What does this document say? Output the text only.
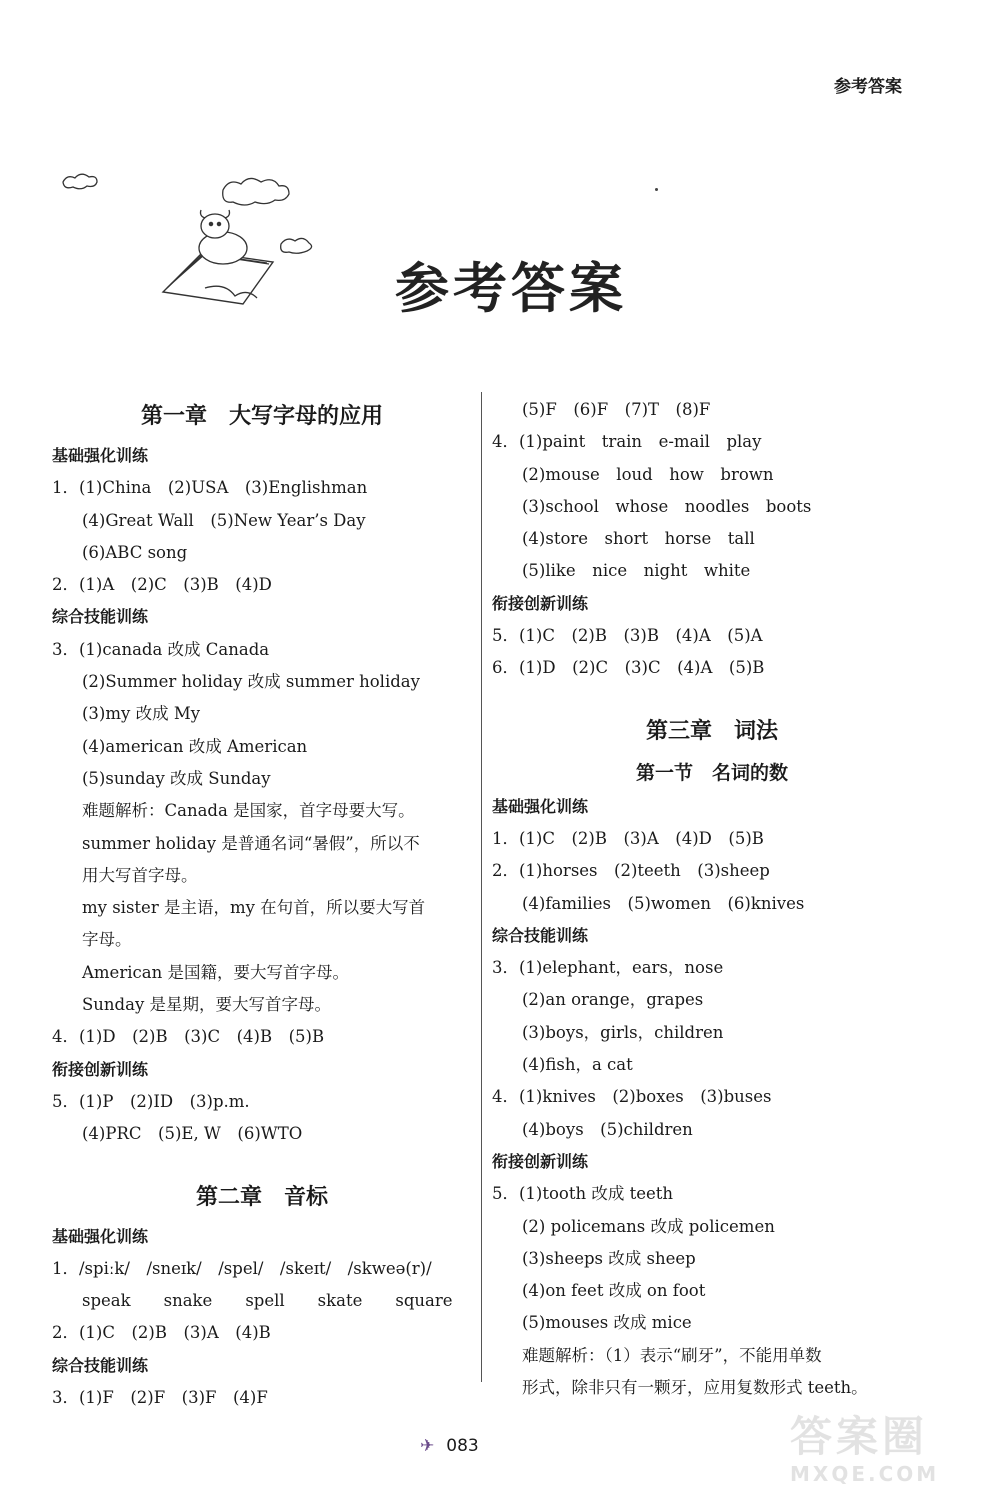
参考答案
参考答案
第一章　大写字母的应用
基础强化训练
1．(1)China　(2)USA　(3)Englishman
(4)Great Wall　(5)New Year’s Day
(6)ABC song
2．(1)A　(2)C　(3)B　(4)D
综合技能训练
3．(1)canada 改成 Canada
(2)Summer holiday 改成 summer holiday
(3)my 改成 My
(4)american 改成 American
(5)sunday 改成 Sunday
难题解析：Canada 是国家，首字母要大写。
summer holiday 是普通名词“暑假”，所以不
用大写首字母。
my sister 是主语，my 在句首，所以要大写首
字母。
American 是国籍，要大写首字母。
Sunday 是星期，要大写首字母。
4．(1)D　(2)B　(3)C　(4)B　(5)B
衔接创新训练
5．(1)P　(2)ID　(3)p.m.
(4)PRC　(5)E, W　(6)WTO
第二章　音标
基础强化训练
1．/spiːk/　/sneɪk/　/spel/　/skeɪt/　/skweə(r)/
speak　　snake　　spell　　skate　　square
2．(1)C　(2)B　(3)A　(4)B
综合技能训练
3．(1)F　(2)F　(3)F　(4)F
(5)F　(6)F　(7)T　(8)F
4．(1)paint　train　e-mail　play
(2)mouse　loud　how　brown
(3)school　whose　noodles　boots
(4)store　short　horse　tall
(5)like　nice　night　white
衔接创新训练
5．(1)C　(2)B　(3)B　(4)A　(5)A
6．(1)D　(2)C　(3)C　(4)A　(5)B
第三章　词法
第一节　名词的数
基础强化训练
1．(1)C　(2)B　(3)A　(4)D　(5)B
2．(1)horses　(2)teeth　(3)sheep
(4)families　(5)women　(6)knives
综合技能训练
3．(1)elephant，ears，nose
(2)an orange，grapes
(3)boys，girls，children
(4)fish，a cat
4．(1)knives　(2)boxes　(3)buses
(4)boys　(5)children
衔接创新训练
5．(1)tooth 改成 teeth
(2) policemans 改成 policemen
(3)sheeps 改成 sheep
(4)on feet 改成 on foot
(5)mouses 改成 mice
难题解析：（1）表示“刷牙”，不能用单数
形式，除非只有一颗牙，应用复数形式 teeth。
✈ 083	答案圈
MXQE.COM
